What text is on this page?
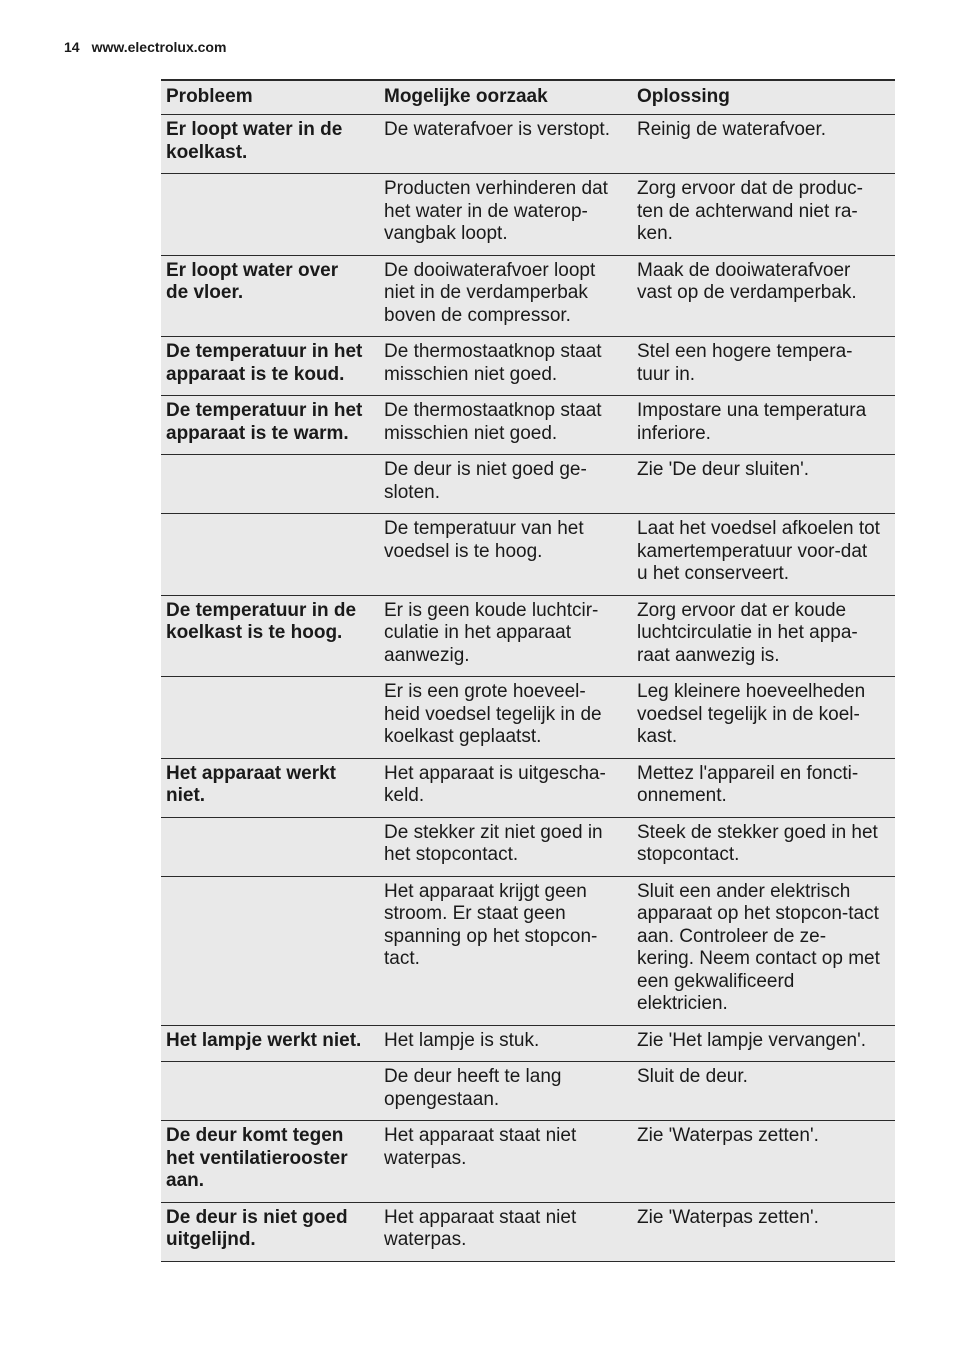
14 www.electrolux.com
Probleem	Mogelijke oorzaak	Oplossing
Er loopt water in de koelkast.	De waterafvoer is verstopt.	Reinig de waterafvoer.
	Producten verhinderen dat het water in de waterop-vangbak loopt.	Zorg ervoor dat de produc-ten de achterwand niet ra-ken.
Er loopt water over de vloer.	De dooiwaterafvoer loopt niet in de verdamperbak boven de compressor.	Maak de dooiwaterafvoer vast op de verdamperbak.
De temperatuur in het apparaat is te koud.	De thermostaatknop staat misschien niet goed.	Stel een hogere tempera-tuur in.
De temperatuur in het apparaat is te warm.	De thermostaatknop staat misschien niet goed.	Impostare una temperatura inferiore.
	De deur is niet goed ge-sloten.	Zie 'De deur sluiten'.
	De temperatuur van het voedsel is te hoog.	Laat het voedsel afkoelen tot kamertemperatuur voor-dat u het conserveert.
De temperatuur in de koelkast is te hoog.	Er is geen koude luchtcir-culatie in het apparaat aanwezig.	Zorg ervoor dat er koude luchtcirculatie in het appa-raat aanwezig is.
	Er is een grote hoeveel-heid voedsel tegelijk in de koelkast geplaatst.	Leg kleinere hoeveelheden voedsel tegelijk in de koel-kast.
Het apparaat werkt niet.	Het apparaat is uitgescha-keld.	Mettez l'appareil en foncti-onnement.
	De stekker zit niet goed in het stopcontact.	Steek de stekker goed in het stopcontact.
	Het apparaat krijgt geen stroom. Er staat geen spanning op het stopcon-tact.	Sluit een ander elektrisch apparaat op het stopcon-tact aan. Controleer de ze-kering. Neem contact op met een gekwalificeerd elektricien.
Het lampje werkt niet.	Het lampje is stuk.	Zie 'Het lampje vervangen'.
	De deur heeft te lang opengestaan.	Sluit de deur.
De deur komt tegen het ventilatierooster aan.	Het apparaat staat niet waterpas.	Zie 'Waterpas zetten'.
De deur is niet goed uitgelijnd.	Het apparaat staat niet waterpas.	Zie 'Waterpas zetten'.
